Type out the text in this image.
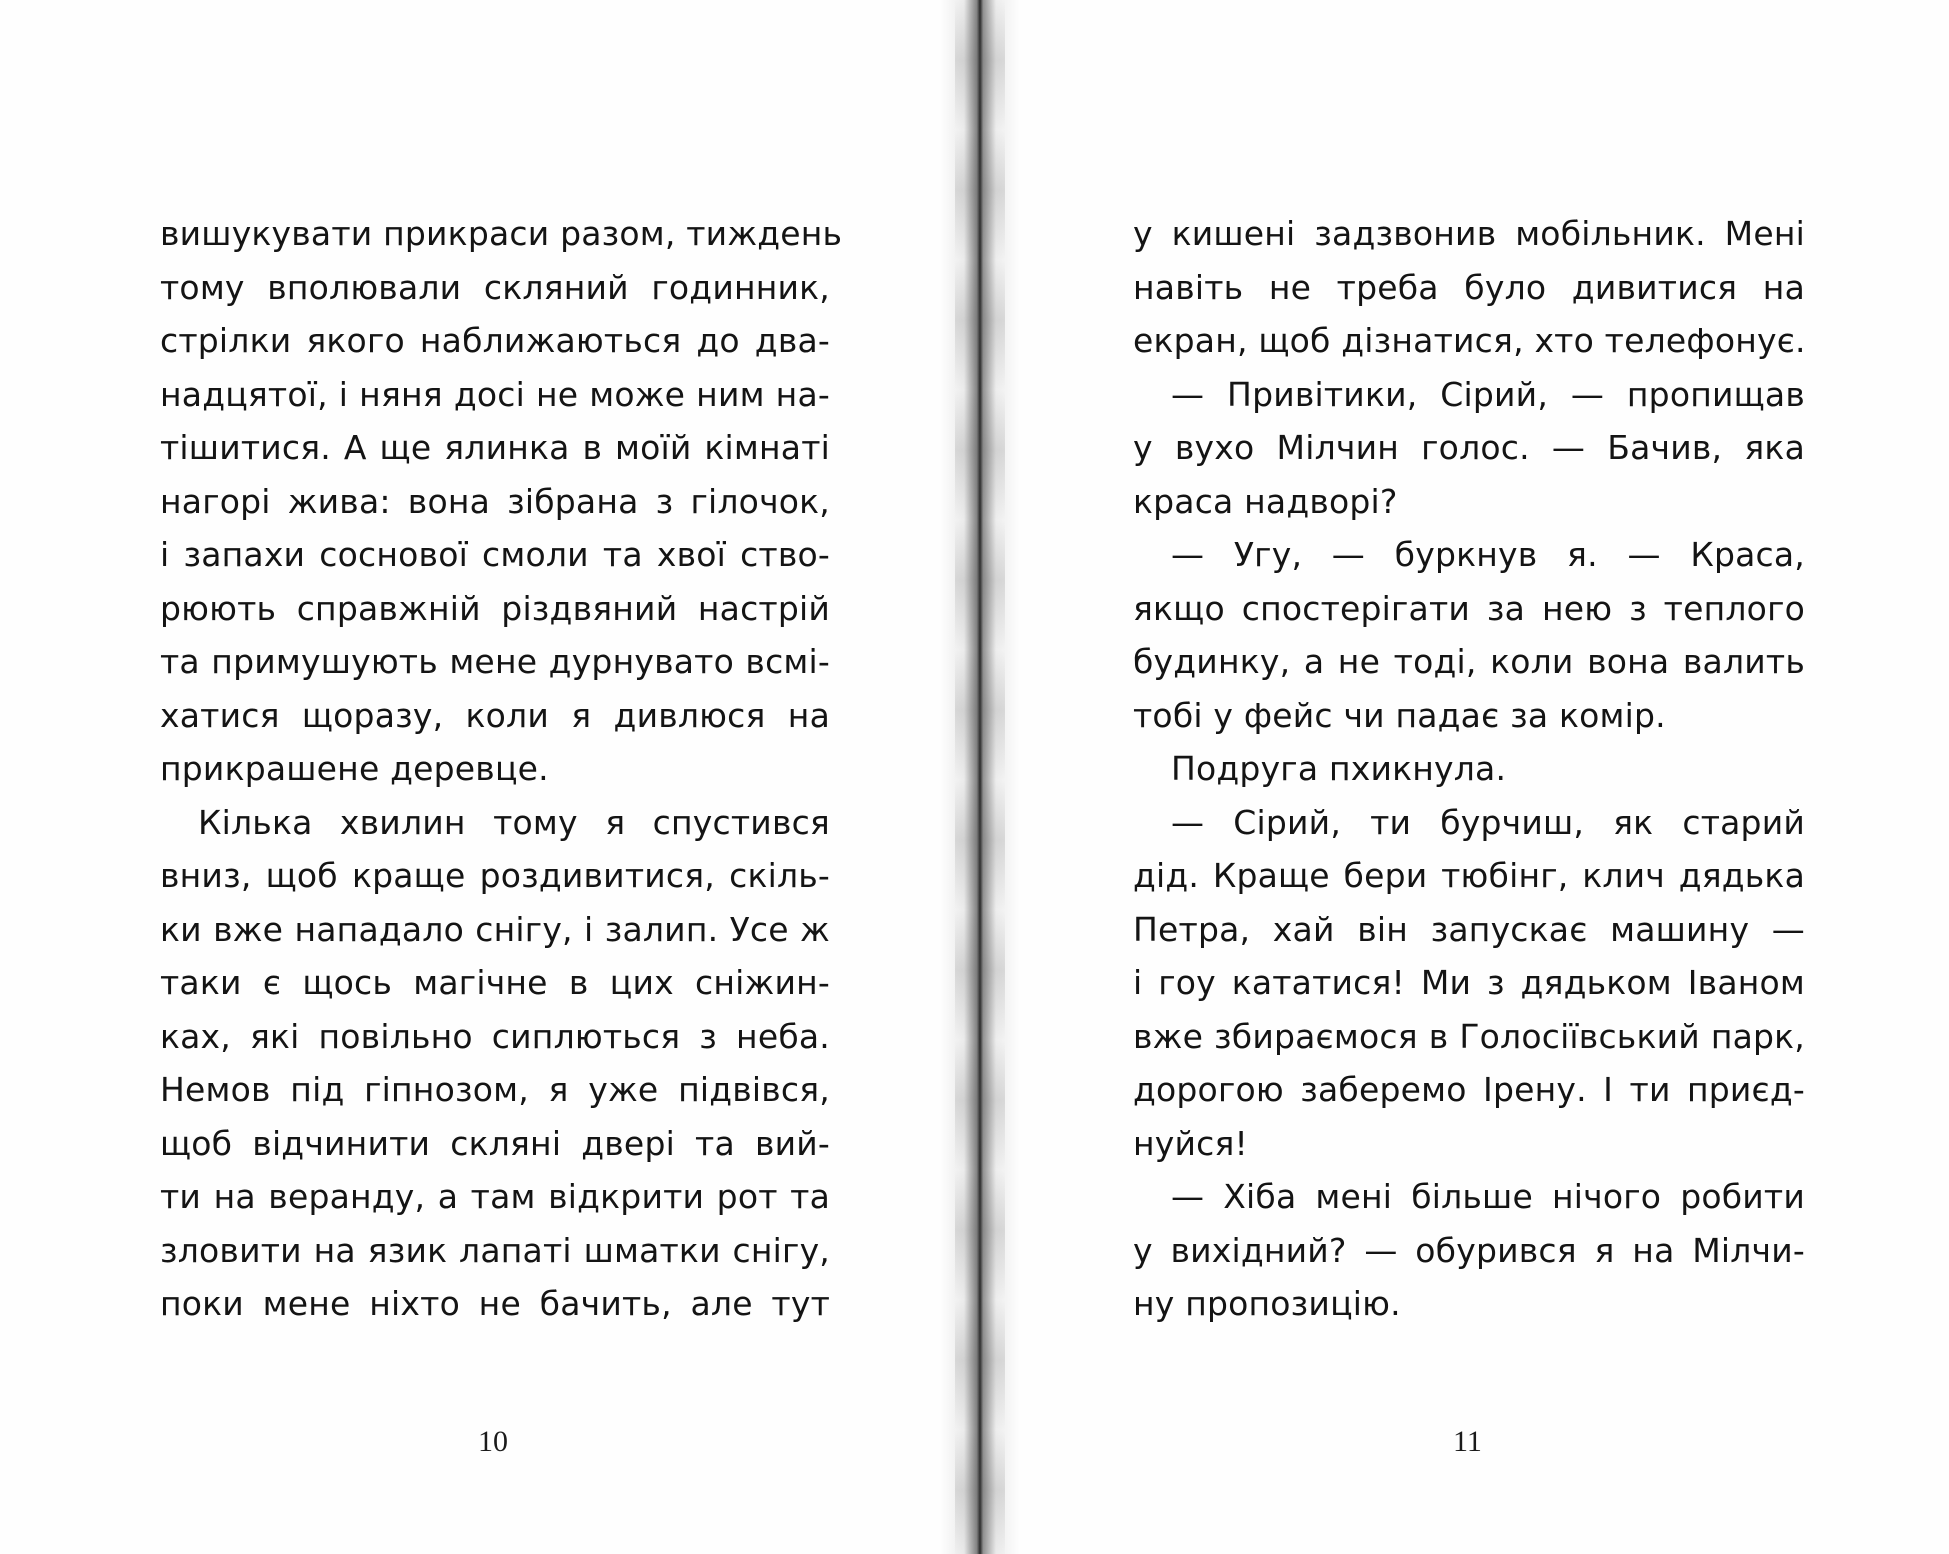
вишукувати прикраси разом, тиждень
тому вполювали скляний годинник,
стрілки якого наближаються до два-
надцятої, і няня досі не може ним на-
тішитися. А ще ялинка в моїй кімнаті
нагорі жива: вона зібрана з гілочок,
і запахи соснової смоли та хвої ство-
рюють справжній різдвяний настрій
та примушують мене дурнувато всмі-
хатися щоразу, коли я дивлюся на
прикрашене деревце.
Кілька хвилин тому я спустився
вниз, щоб краще роздивитися, скіль-
ки вже нападало снігу, і залип. Усе ж
таки є щось магічне в цих сніжин-
ках, які повільно сиплються з неба.
Немов під гіпнозом, я уже підвівся,
щоб відчинити скляні двері та вий-
ти на веранду, а там відкрити рот та
зловити на язик лапаті шматки снігу,
поки мене ніхто не бачить, але тут
10
у кишені задзвонив мобільник. Мені
навіть не треба було дивитися на
екран, щоб дізнатися, хто телефонує.
— Привітики, Сірий, — пропищав
у вухо Мілчин голос. — Бачив, яка
краса надворі?
— Угу, — буркнув я. — Краса,
якщо спостерігати за нею з теплого
будинку, а не тоді, коли вона валить
тобі у фейс чи падає за комір.
Подруга пхикнула.
— Сірий, ти бурчиш, як старий
дід. Краще бери тюбінг, клич дядька
Петра, хай він запускає машину —
і гоу кататися! Ми з дядьком Іваном
вже збираємося в Голосіївський парк,
дорогою заберемо Ірену. І ти приєд-
нуйся!
— Хіба мені більше нічого робити
у вихідний? — обурився я на Мілчи-
ну пропозицію.
11
